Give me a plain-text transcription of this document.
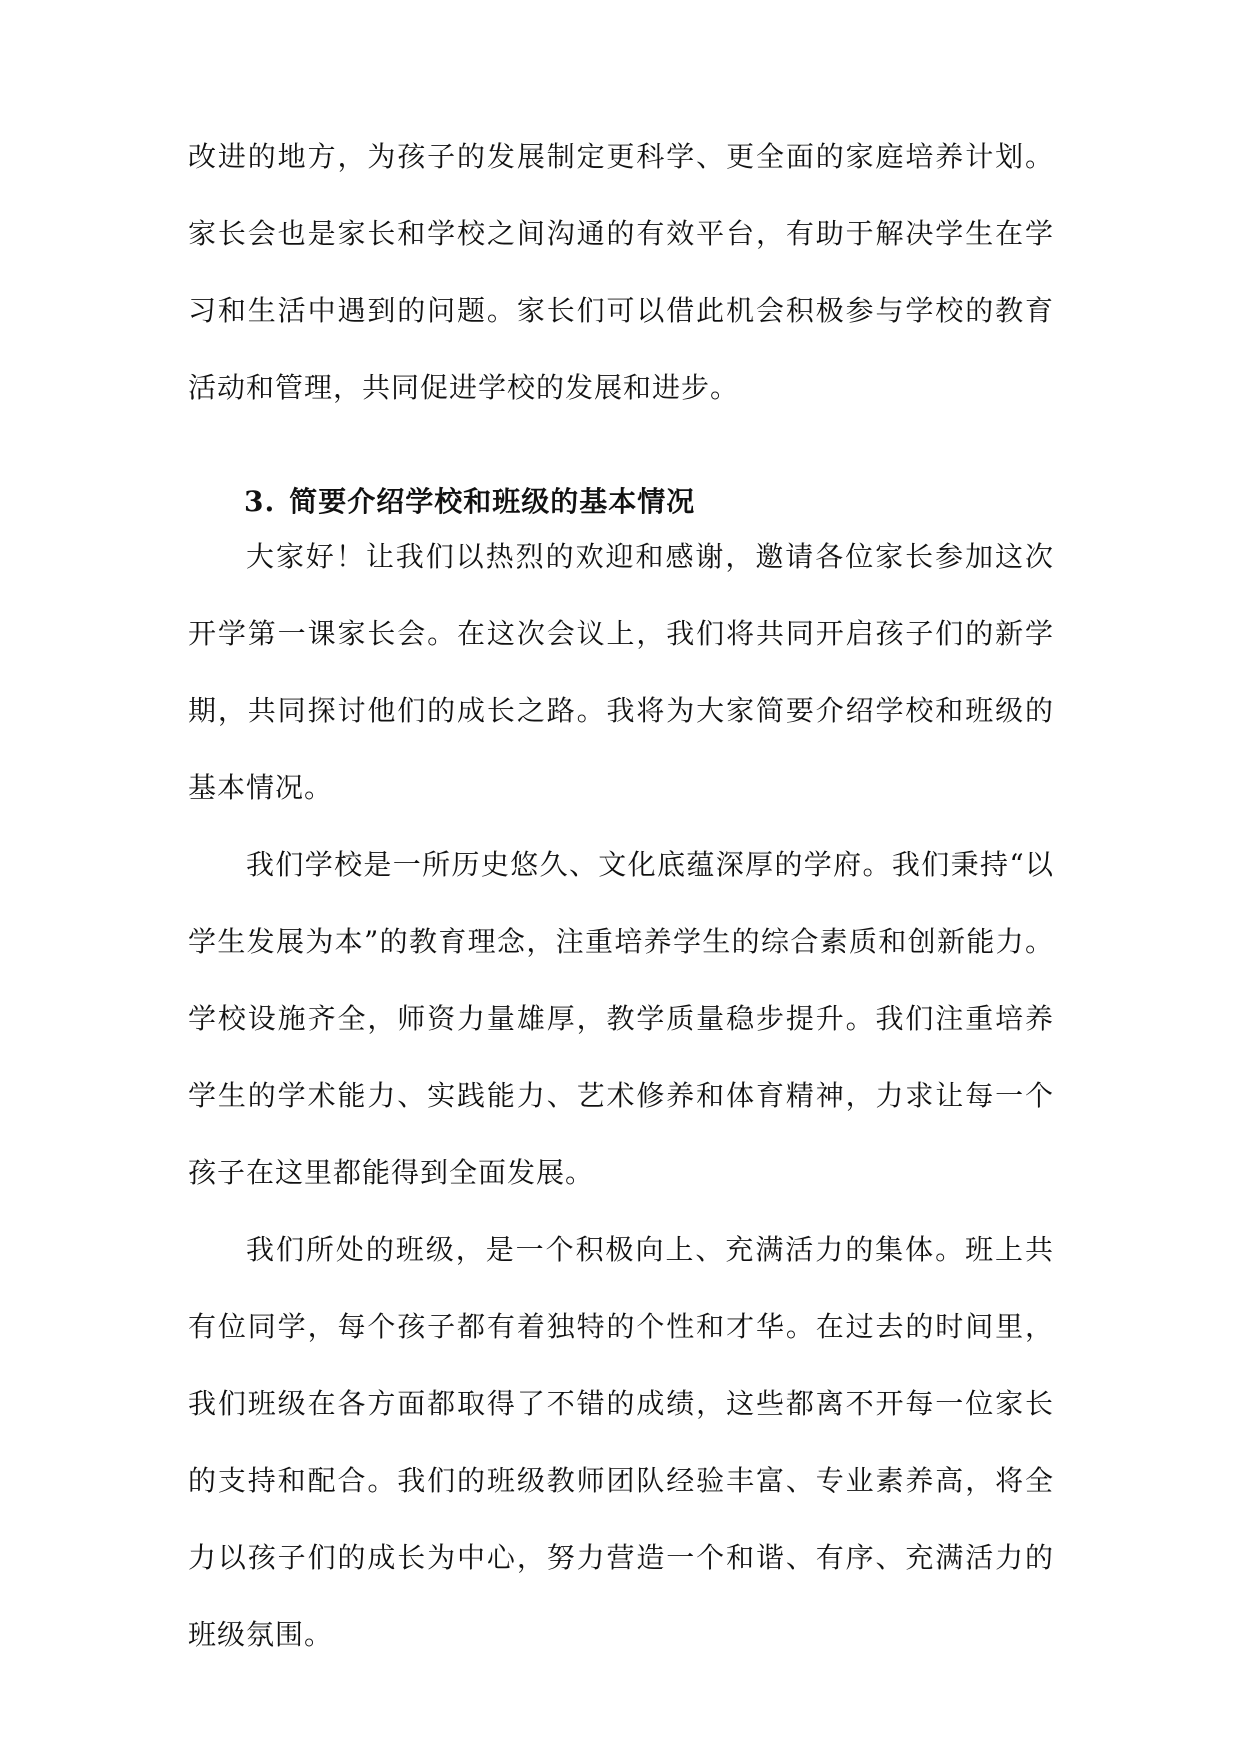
改进的地方，为孩子的发展制定更科学、更全面的家庭培养计划。家长会也是家长和学校之间沟通的有效平台，有助于解决学生在学习和生活中遇到的问题。家长们可以借此机会积极参与学校的教育活动和管理，共同促进学校的发展和进步。

3. 简要介绍学校和班级的基本情况

大家好！让我们以热烈的欢迎和感谢，邀请各位家长参加这次开学第一课家长会。在这次会议上，我们将共同开启孩子们的新学期，共同探讨他们的成长之路。我将为大家简要介绍学校和班级的基本情况。

我们学校是一所历史悠久、文化底蕴深厚的学府。我们秉持“以学生发展为本”的教育理念，注重培养学生的综合素质和创新能力。学校设施齐全，师资力量雄厚，教学质量稳步提升。我们注重培养学生的学术能力、实践能力、艺术修养和体育精神，力求让每一个孩子在这里都能得到全面发展。

我们所处的班级，是一个积极向上、充满活力的集体。班上共有位同学，每个孩子都有着独特的个性和才华。在过去的时间里，我们班级在各方面都取得了不错的成绩，这些都离不开每一位家长的支持和配合。我们的班级教师团队经验丰富、专业素养高，将全力以孩子们的成长为中心，努力营造一个和谐、有序、充满活力的班级氛围。
